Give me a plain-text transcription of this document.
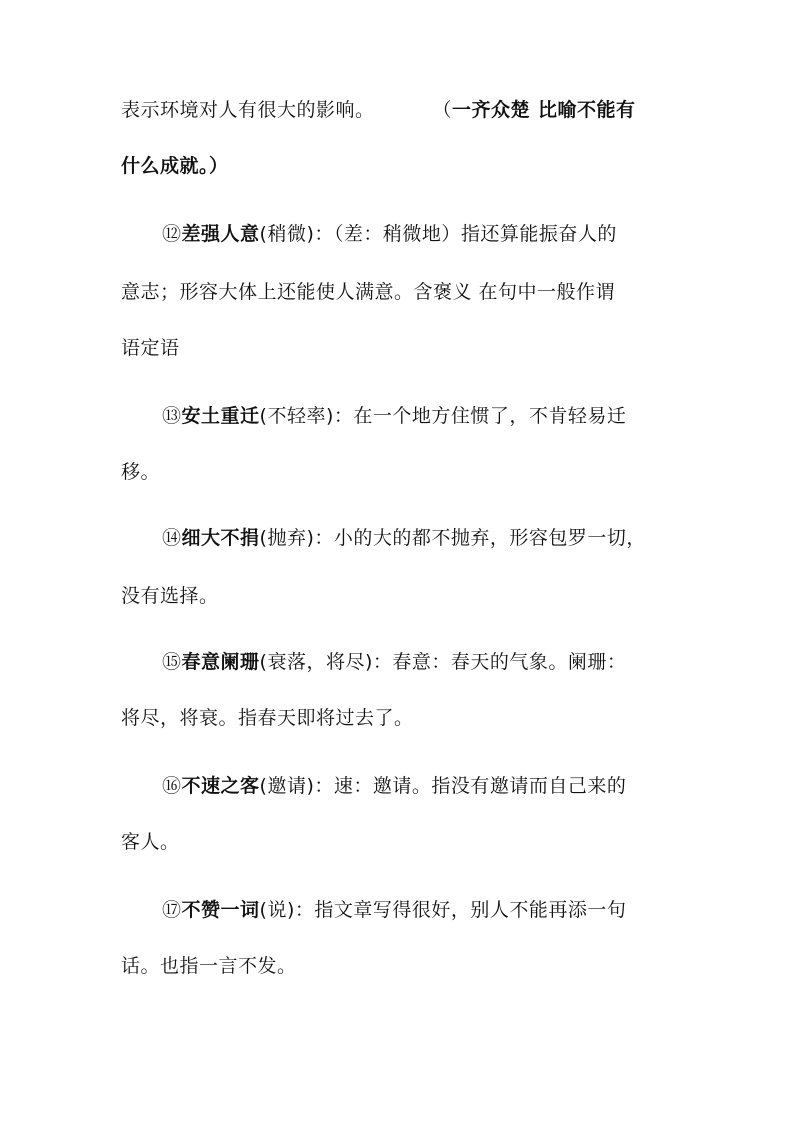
表示环境对人有很大的影响。	（一齐众楚 比喻不能有
什么成就。）
⑫差强人意(稍微)：（差：稍微地）指还算能振奋人的
意志；形容大体上还能使人满意。含褒义 在句中一般作谓
语定语
⑬安土重迁(不轻率)：在一个地方住惯了，不肯轻易迁
移。
⑭细大不捐(抛弃)：小的大的都不抛弃，形容包罗一切，
没有选择。
⑮春意阑珊(衰落，将尽)：春意：春天的气象。阑珊：
将尽，将衰。指春天即将过去了。
⑯不速之客(邀请)：速：邀请。指没有邀请而自己来的
客人。
⑰不赞一词(说)：指文章写得很好，别人不能再添一句
话。也指一言不发。
